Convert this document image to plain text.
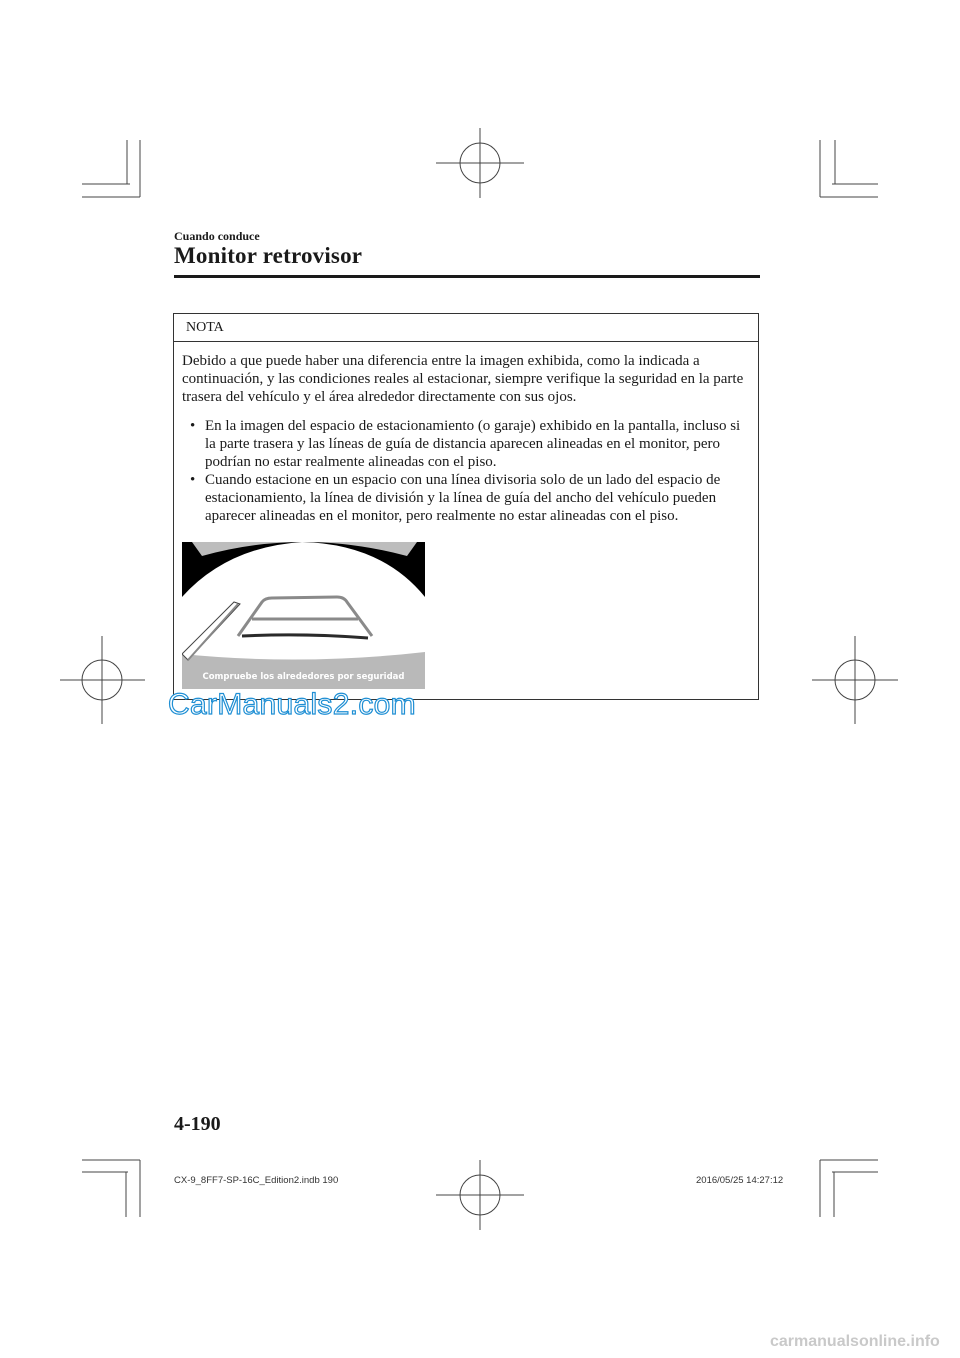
Cuando conduce
Monitor retrovisor
NOTA
Debido a que puede haber una diferencia entre la imagen exhibida, como la indicada a continuación, y las condiciones reales al estacionar, siempre verifique la seguridad en la parte trasera del vehículo y el área alrededor directamente con sus ojos.
• En la imagen del espacio de estacionamiento (o garaje) exhibido en la pantalla, incluso si la parte trasera y las líneas de guía de distancia aparecen alineadas en el monitor, pero podrían no estar realmente alineadas con el piso.
• Cuando estacione en un espacio con una línea divisoria solo de un lado del espacio de estacionamiento, la línea de división y la línea de guía del ancho del vehículo pueden aparecer alineadas en el monitor, pero realmente no estar alineadas con el piso.
Compruebe los alrededores por seguridad
CarManuals2.com
4-190
CX-9_8FF7-SP-16C_Edition2.indb 190	2016/05/25 14:27:12
carmanualsonline.info
